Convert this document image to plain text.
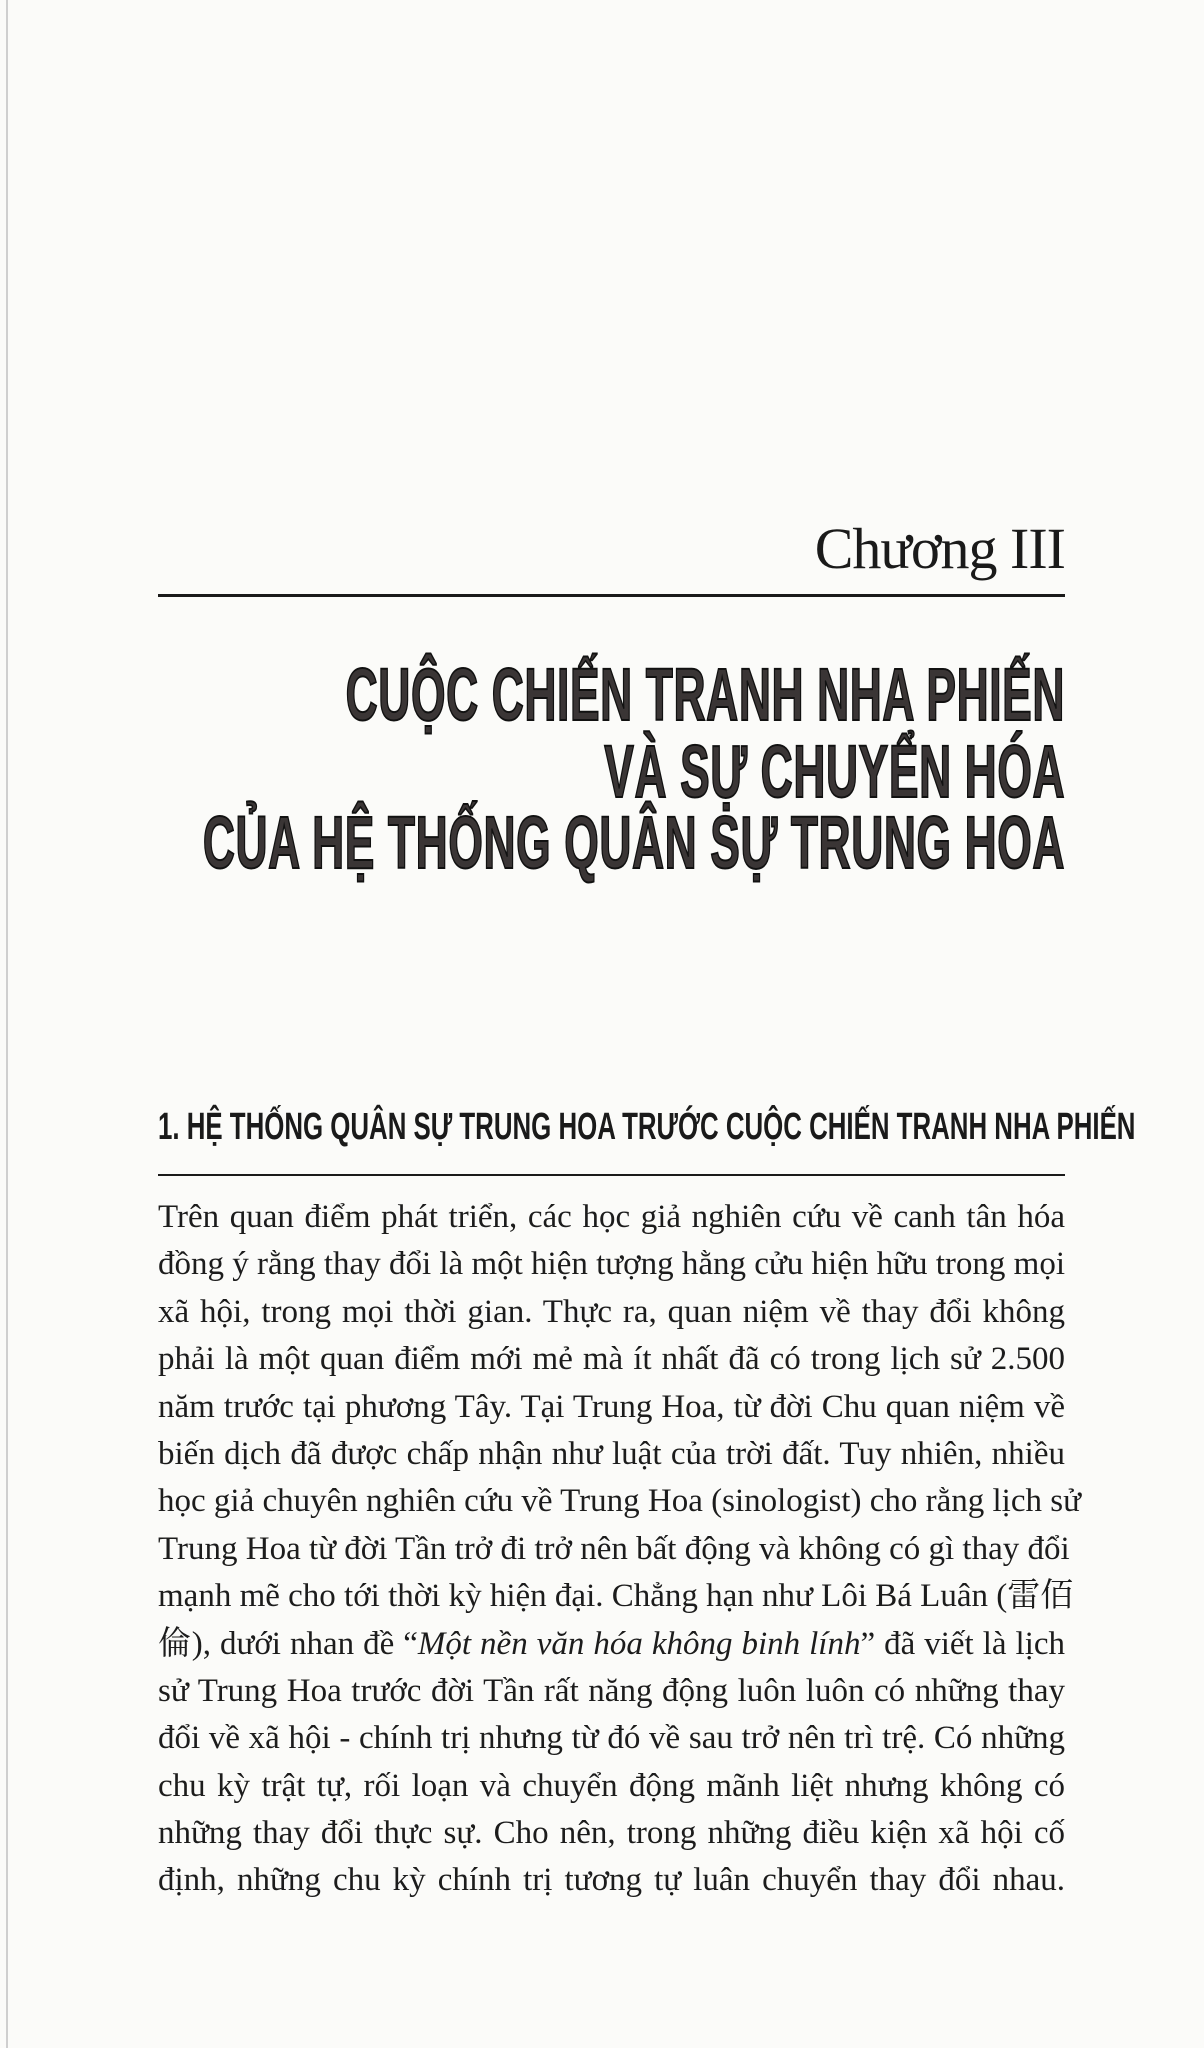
Chương III
CUỘC CHIẾN TRANH NHA PHIẾN
VÀ SỰ CHUYỂN HÓA
CỦA HỆ THỐNG QUÂN SỰ TRUNG HOA
1. HỆ THỐNG QUÂN SỰ TRUNG HOA TRƯỚC CUỘC CHIẾN TRANH NHA PHIẾN
Trên quan điểm phát triển, các học giả nghiên cứu về canh tân hóa
đồng ý rằng thay đổi là một hiện tượng hằng cửu hiện hữu trong mọi
xã hội, trong mọi thời gian. Thực ra, quan niệm về thay đổi không
phải là một quan điểm mới mẻ mà ít nhất đã có trong lịch sử 2.500
năm trước tại phương Tây. Tại Trung Hoa, từ đời Chu quan niệm về
biến dịch đã được chấp nhận như luật của trời đất. Tuy nhiên, nhiều
học giả chuyên nghiên cứu về Trung Hoa (sinologist) cho rằng lịch sử
Trung Hoa từ đời Tần trở đi trở nên bất động và không có gì thay đổi
mạnh mẽ cho tới thời kỳ hiện đại. Chẳng hạn như Lôi Bá Luân (雷佰
倫), dưới nhan đề “Một nền văn hóa không binh lính” đã viết là lịch
sử Trung Hoa trước đời Tần rất năng động luôn luôn có những thay
đổi về xã hội - chính trị nhưng từ đó về sau trở nên trì trệ. Có những
chu kỳ trật tự, rối loạn và chuyển động mãnh liệt nhưng không có
những thay đổi thực sự. Cho nên, trong những điều kiện xã hội cố
định, những chu kỳ chính trị tương tự luân chuyển thay đổi nhau.
